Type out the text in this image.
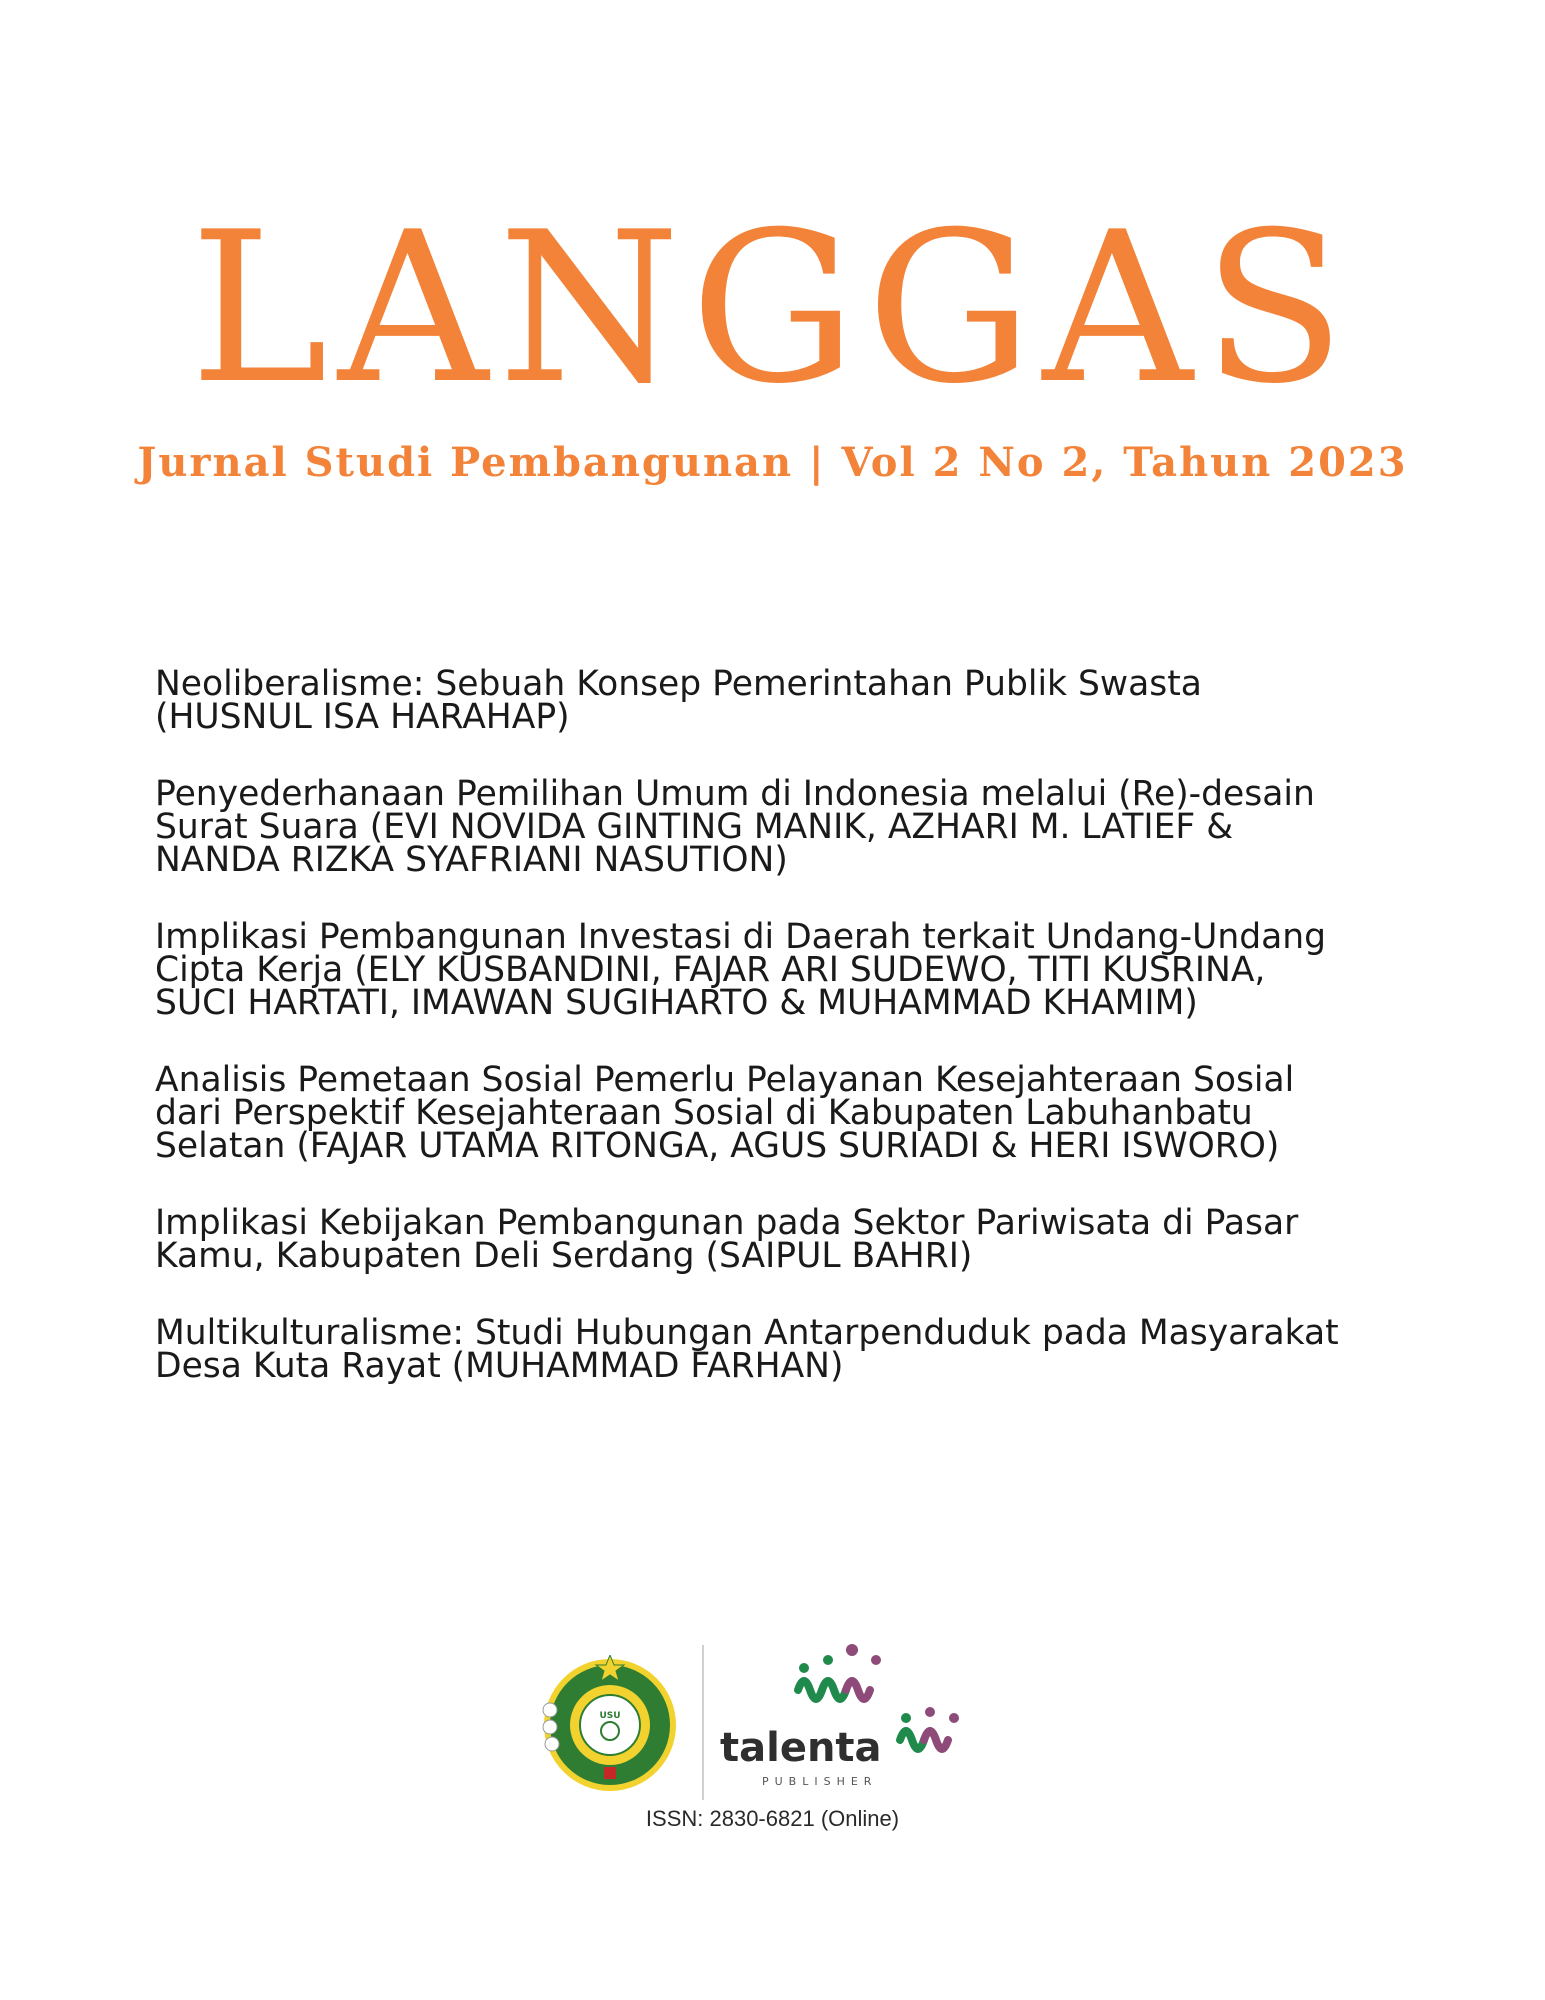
LANGGAS
Jurnal Studi Pembangunan | Vol 2 No 2, Tahun 2023

Neoliberalisme: Sebuah Konsep Pemerintahan Publik Swasta
(HUSNUL ISA HARAHAP)

Penyederhanaan Pemilihan Umum di Indonesia melalui (Re)-desain
Surat Suara (EVI NOVIDA GINTING MANIK, AZHARI M. LATIEF &
NANDA RIZKA SYAFRIANI NASUTION)

Implikasi Pembangunan Investasi di Daerah terkait Undang-Undang
Cipta Kerja (ELY KUSBANDINI, FAJAR ARI SUDEWO, TITI KUSRINA,
SUCI HARTATI, IMAWAN SUGIHARTO & MUHAMMAD KHAMIM)

Analisis Pemetaan Sosial Pemerlu Pelayanan Kesejahteraan Sosial
dari Perspektif Kesejahteraan Sosial di Kabupaten Labuhanbatu
Selatan (FAJAR UTAMA RITONGA, AGUS SURIADI & HERI ISWORO)

Implikasi Kebijakan Pembangunan pada Sektor Pariwisata di Pasar
Kamu, Kabupaten Deli Serdang (SAIPUL BAHRI)

Multikulturalisme: Studi Hubungan Antarpenduduk pada Masyarakat
Desa Kuta Rayat (MUHAMMAD FARHAN)

USU
talenta
PUBLISHER
ISSN: 2830-6821 (Online)
